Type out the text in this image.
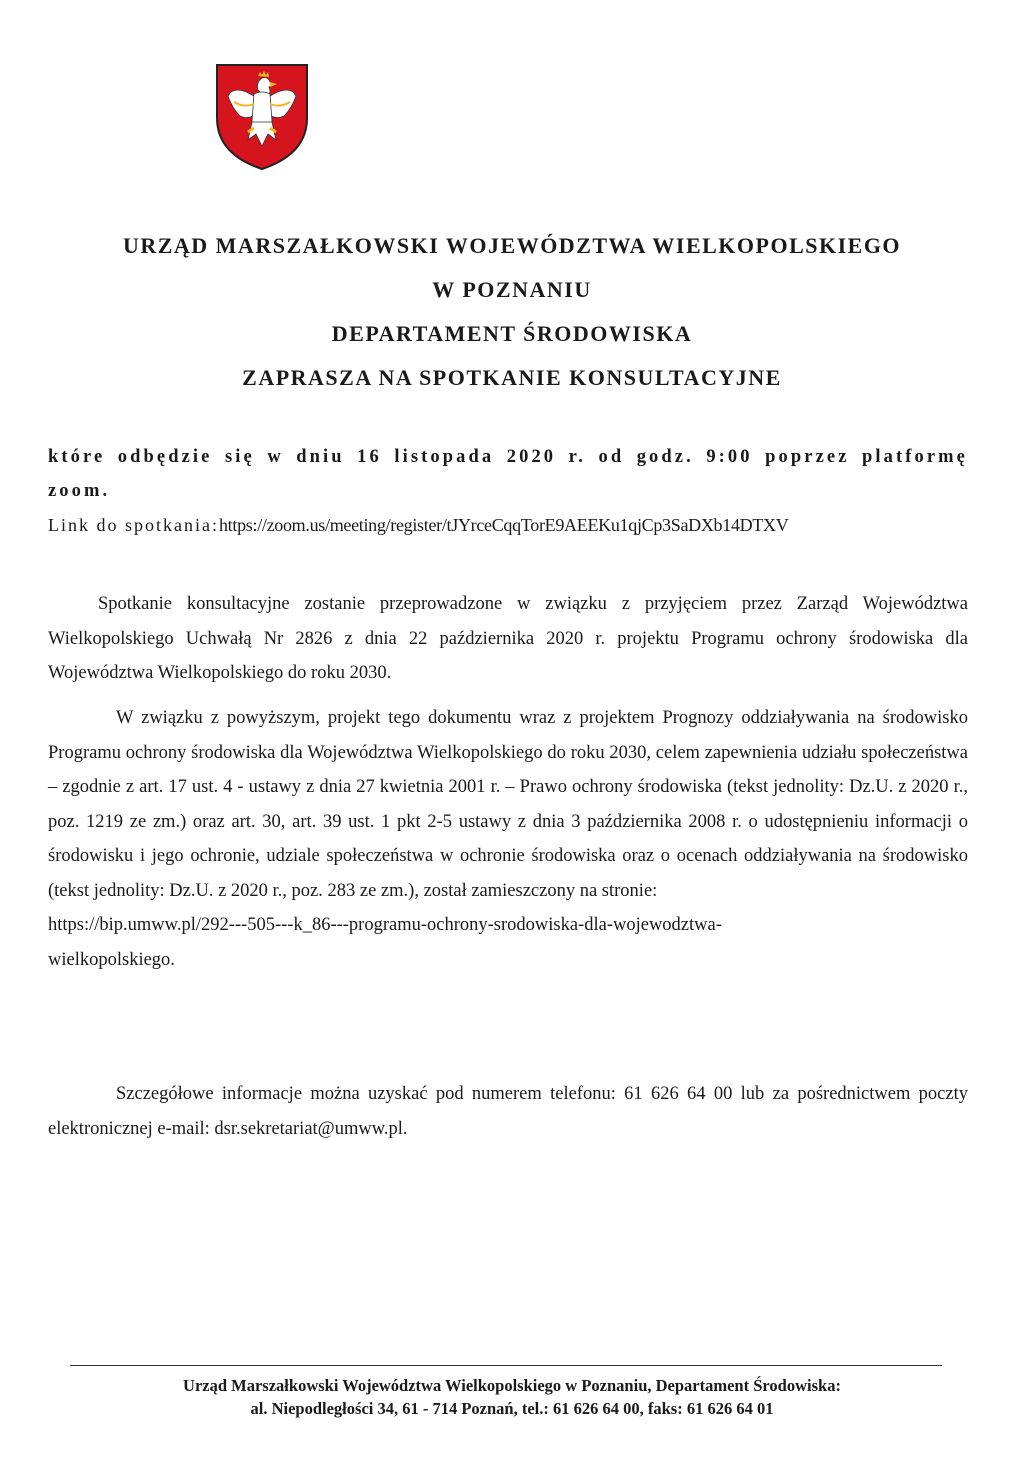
URZĄD MARSZAŁKOWSKI WOJEWÓDZTWA WIELKOPOLSKIEGO
W POZNANIU
DEPARTAMENT ŚRODOWISKA
ZAPRASZA NA SPOTKANIE KONSULTACYJNE

które odbędzie się w dniu 16 listopada 2020 r. od godz. 9:00 poprzez platformę zoom.

Link do spotkania:https://zoom.us/meeting/register/tJYrceCqqTorE9AEEKu1qjCp3SaDXb14DTXV

Spotkanie konsultacyjne zostanie przeprowadzone w związku z przyjęciem przez Zarząd Województwa Wielkopolskiego Uchwałą Nr 2826 z dnia 22 października 2020 r. projektu Programu ochrony środowiska dla Województwa Wielkopolskiego do roku 2030.

W związku z powyższym, projekt tego dokumentu wraz z projektem Prognozy oddziaływania na środowisko Programu ochrony środowiska dla Województwa Wielkopolskiego do roku 2030, celem zapewnienia udziału społeczeństwa – zgodnie z art. 17 ust. 4 - ustawy z dnia 27 kwietnia 2001 r. – Prawo ochrony środowiska (tekst jednolity: Dz.U. z 2020 r., poz. 1219 ze zm.) oraz art. 30, art. 39 ust. 1 pkt 2-5 ustawy z dnia 3 października 2008 r. o udostępnieniu informacji o środowisku i jego ochronie, udziale społeczeństwa w ochronie środowiska oraz o ocenach oddziaływania na środowisko (tekst jednolity: Dz.U. z 2020 r., poz. 283 ze zm.), został zamieszczony na stronie:
https://bip.umww.pl/292---505---k_86---programu-ochrony-srodowiska-dla-wojewodztwa-
wielkopolskiego.

Szczegółowe informacje można uzyskać pod numerem telefonu: 61 626 64 00 lub za pośrednictwem poczty elektronicznej e-mail: dsr.sekretariat@umww.pl.

Urząd Marszałkowski Województwa Wielkopolskiego w Poznaniu, Departament Środowiska:
al. Niepodległości 34, 61 - 714 Poznań, tel.: 61 626 64 00, faks: 61 626 64 01
